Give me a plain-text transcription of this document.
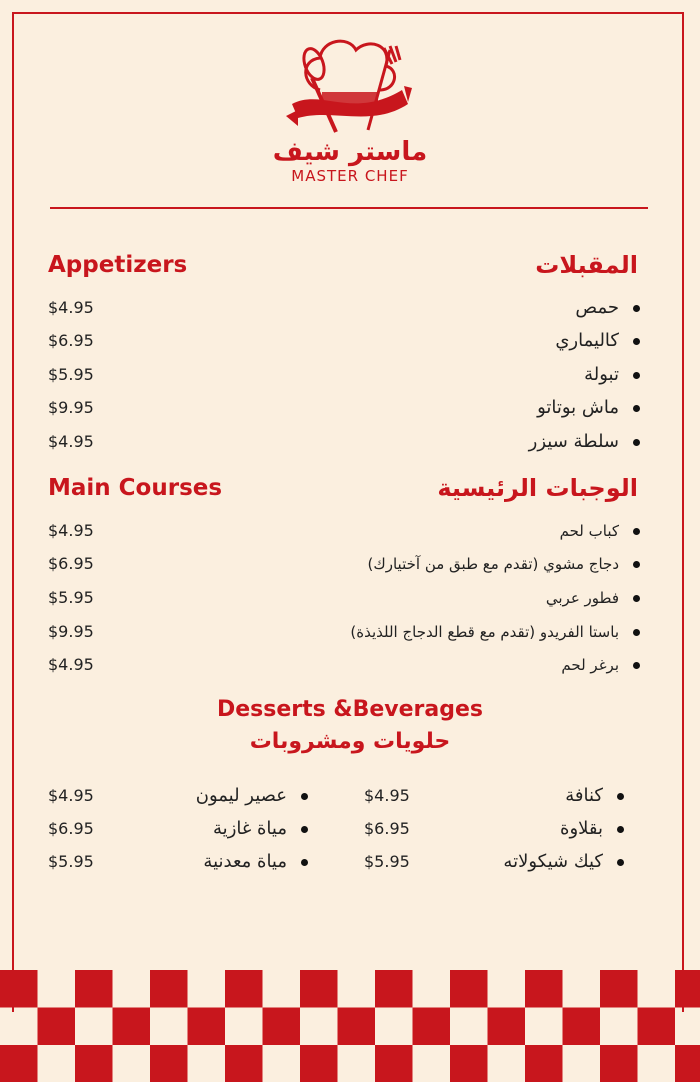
ماستر شيف
MASTER CHEF
Appetizers	المقبلات
$4.95	حمص
$6.95	كاليماري
$5.95	تبولة
$9.95	ماش بوتاتو
$4.95	سلطة سيزر
Main Courses	الوجبات الرئيسية
$4.95	كباب لحم
$6.95	دجاج مشوي (تقدم مع طبق من آختيارك)
$5.95	فطور عربي
$9.95	باستا الفريدو (تقدم مع قطع الدجاج اللذيذة)
$4.95	برغر لحم
Desserts &Beverages
حلويات ومشروبات
$4.95	كنافة
$6.95	بقلاوة
$5.95	كيك شيكولاته
$4.95	عصير ليمون
$6.95	مياة غازية
$5.95	مياة معدنية
